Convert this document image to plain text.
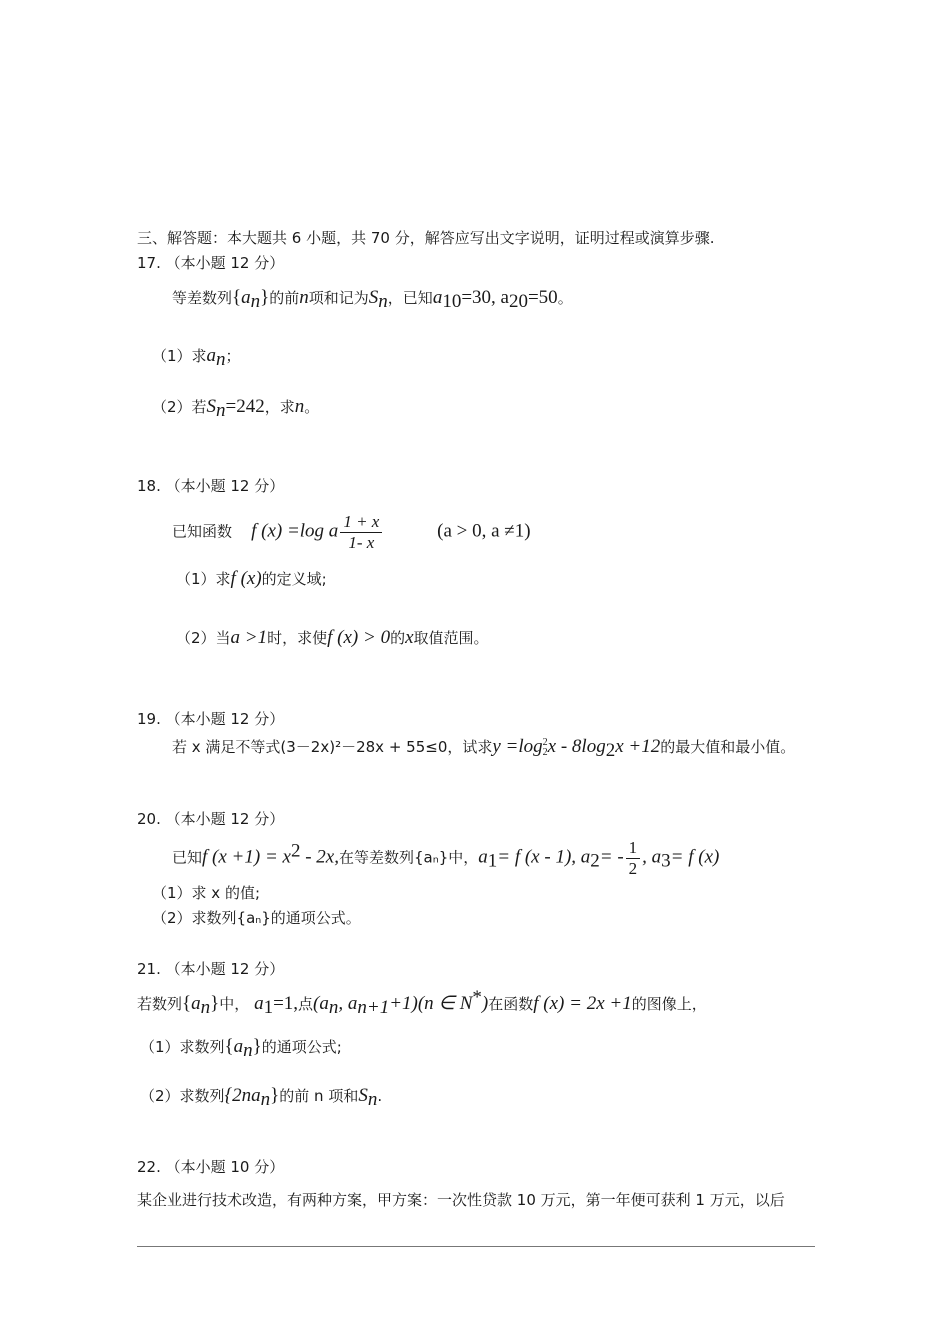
三、解答题：本大题共 6 小题，共 70 分，解答应写出文字说明，证明过程或演算步骤.
17. （本小题 12 分）
等差数列$\{a_n\}$的前n项和记为$S_n$，已知$a_{10}=30$, $a_{20}=50$。
（1）求$a_n$；
（2）若$S_n=242$，求n。
18. （本小题 12 分）
已知函数 f (x) =log a $\frac{1 + x}{1- x}$	(a > 0, a ≠1)
（1）求f (x)的定义域;
（2）当a >1时，求使f (x) > 0的x取值范围。
19. （本小题 12 分）
若 x 满足不等式(3－2x)²－28x + 55≤0，试求y =log 2
2 $x - 8\log_2x +12$的最大值和最小值。
20. （本小题 12 分）
已知f $(x +1) = x^2 - 2x$,在等差数列{aₙ}中，$a_1= f$ (x - 1), $a_2= - \frac{1}{2}$ , $a_3= f$ (x)
（1）求 x 的值;
（2）求数列{aₙ}的通项公式。
21. （本小题 12 分）
若数列$\{a_n\}$中， $a_1=1$,点($a_n$, $a_{n+1}+1)(n$ ∈ N*)在函数f (x) = 2x +1的图像上，
（1）求数列$\{a_n\}$的通项公式;
（2）求数列$\{2na_n\}$的前 n 项和$S_n$.
22. （本小题 10 分）
某企业进行技术改造，有两种方案，甲方案：一次性贷款 10 万元，第一年便可获利 1 万元，以后
